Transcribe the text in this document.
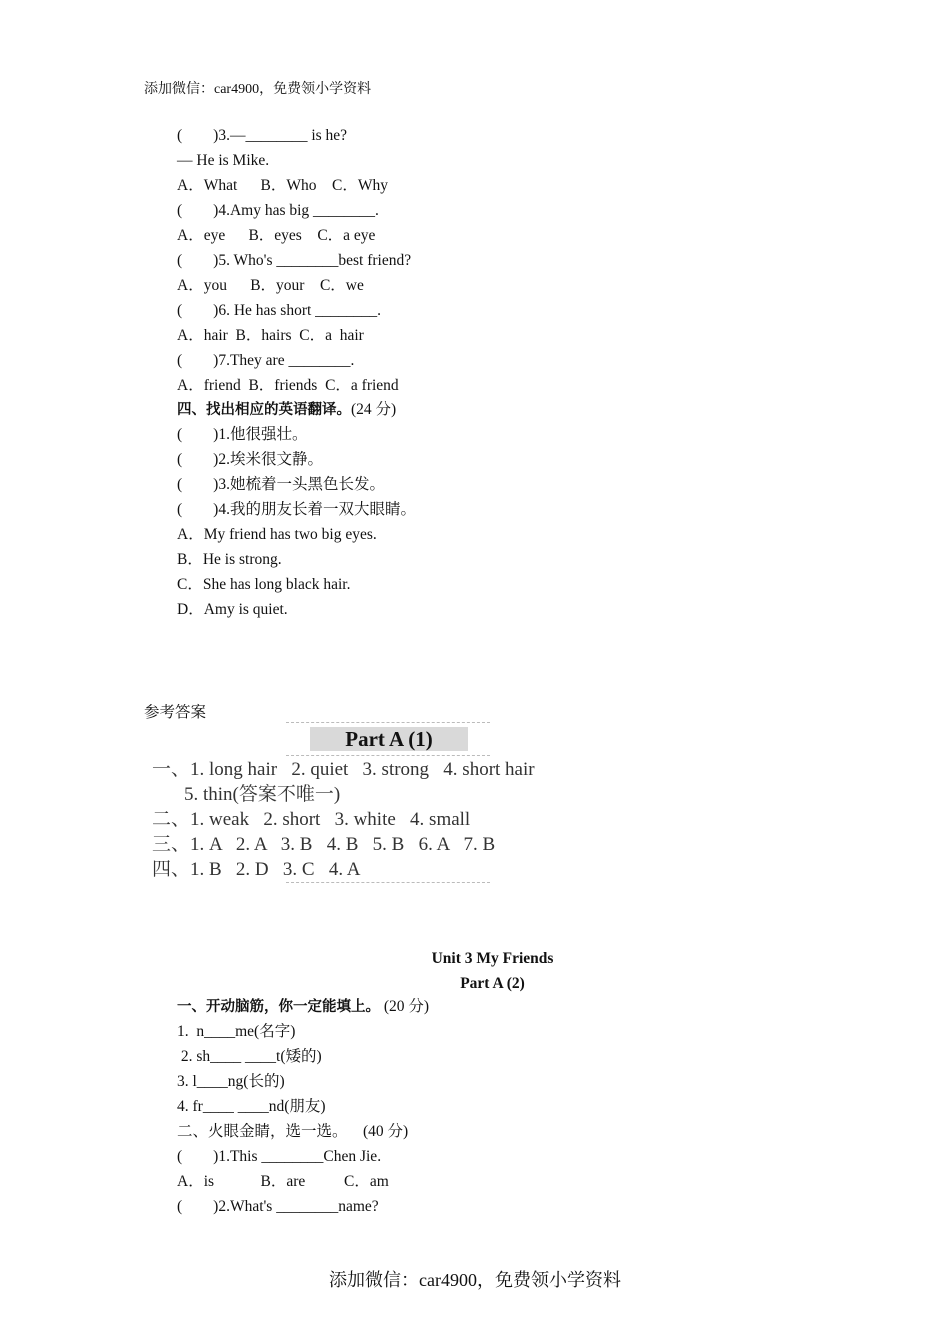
添加微信：car4900，免费领小学资料
(        )3.—________ is he?
— He is Mike.
A．What      B．Who    C．Why
(        )4.Amy has big ________.
A．eye      B．eyes    C．a eye
(        )5. Who's ________best friend?
A．you      B．your    C．we
(        )6. He has short ________.
A．hair  B．hairs  C．a  hair
(        )7.They are ________.
A．friend  B．friends  C．a friend
四、找出相应的英语翻译。(24 分)
(        )1.他很强壮。
(        )2.埃米很文静。
(        )3.她梳着一头黑色长发。
(        )4.我的朋友长着一双大眼睛。
A．My friend has two big eyes.
B．He is strong.
C．She has long black hair.
D．Amy is quiet.
参考答案
Part A (1)
一、1. long hair   2. quiet   3. strong   4. short hair
5. thin(答案不唯一)
二、1. weak   2. short   3. white   4. small
三、1. A   2. A   3. B   4. B   5. B   6. A   7. B
四、1. B   2. D   3. C   4. A
Unit 3 My Friends
Part A (2)
一、开动脑筋，你一定能填上。 (20 分)
1.  n____me(名字)
2. sh____ ____t(矮的)
3. l____ng(长的)
4. fr____ ____nd(朋友)
二、火眼金睛，选一选。 (40 分)
(        )1.This ________Chen Jie.
A．is            B．are          C．am
(        )2.What's ________name?
添加微信：car4900，免费领小学资料
